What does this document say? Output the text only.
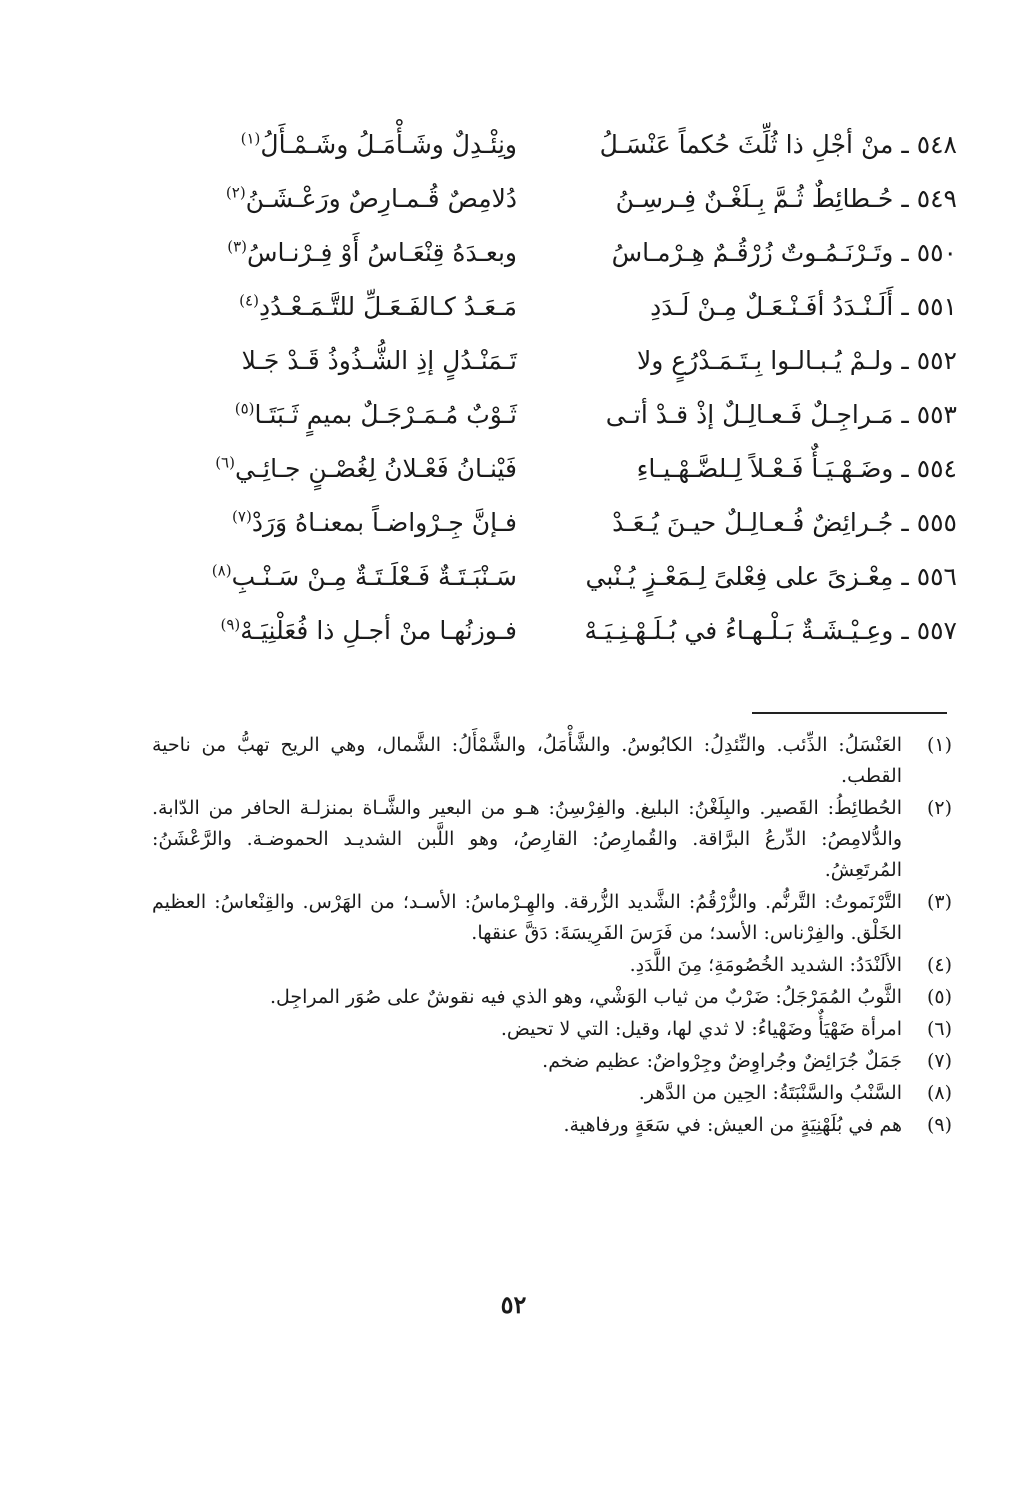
٥٤٨ـمنْ أجْلِ ذا ثُلِّثَ حُكماً عَنْسَـلُ
ونِئْـدِلٌ وشَـأْمَـلُ وشَـمْـأَلُ$^{(١)}$
٥٤٩ـحُـطائِطٌ ثُـمَّ بِـلَغْـنٌ فِـرسِـنُ
دُلامِصٌ قُـمـارِصٌ ورَعْـشَـنُ$^{(٢)}$
٥٥٠ـوتَـرْنَـمُـوتٌ زُرْقُـمٌ هِـرْمـاسُ
وبعـدَهُ قِنْعَـاسُ أَوْ فِـرْنـاسُ$^{(٣)}$
٥٥١ـأَلَـنْـدَدُ أفَـنْـعَـلٌ مِـنْ لَـدَدِ
مَـعَـدُ كـالفَـعَـلِّ للتَّـمَـعْـدُدِ$^{(٤)}$
٥٥٢ـولـمْ يُـبـالـوا بِـتَـمَـدْرُعٍ ولا
تَـمَنْـدُلٍ إذِ الشُّـذُوذُ قَـدْ جَـلا
٥٥٣ـمَـراجِـلٌ فَـعـالِـلٌ إذْ قـدْ أتـى
ثَـوْبٌ مُـمَـرْجَـلٌ بميمٍ ثَـبَتَـا$^{(٥)}$
٥٥٤ـوضَـهْـيَـأٌ فَـعْـلاً لِـلضَّـهْـيـاءِ
فَيْنـانُ فَعْـلانُ لِغُصْـنٍ جـائِـي$^{(٦)}$
٥٥٥ـجُـرائِضٌ فُـعـالِـلٌ حيـنَ يُـعَـدْ
فـإنَّ جِـرْواضـاً بمعنـاهُ وَرَدْ$^{(٧)}$
٥٥٦ـمِعْـزىً على فِعْلىً لِـمَعْـزٍ يُـنْبي
سَـنْبَـتَـةٌ فَـعْلَـتَـةٌ مِـنْ سَـنْـبِ$^{(٨)}$
٥٥٧ـوعِـيْـشَـةٌ بَـلْـهـاءُ في بُـلَـهْـنِـيَـهْ
فـوزنُهـا منْ أجـلِ ذا فُعَلْنِيَـهْ$^{(٩)}$
(١)
العَنْسَلُ: الذِّئب. والنِّئدِلُ: الكابُوسُ. والشَّأْمَلُ، والشَّمْأَلُ: الشَّمال، وهي الريح تهبُّ من ناحية القطب.
(٢)
الحُطائِطُ: القَصير. والبِلَغْنُ: البليغ. والفِرْسِنُ: هـو من البعير والشَّـاة بمنزلـة الحافر من الدّابة. والدُّلامِصُ: الدِّرعُ البرَّاقة. والقُمارِصُ: القارِصُ، وهو اللَّبن الشديـد الحموضـة. والرَّعْشَنُ: المُرتَعِشُ.
(٣)
التَّرْنَموتُ: التَّرنُّم. والزُّرْقُمُ: الشَّديد الزُّرقة. والهِـرْماسُ: الأسـد؛ من الهَرْس. والقِنْعاسُ: العظيم الخَلْق. والفِرْناس: الأسد؛ من فَرَسَ الفَرِيسَةَ: دَقَّ عنقها.
(٤)
الألَنْدَدُ: الشديد الخُصُومَةِ؛ مِنَ اللَّدَدِ.
(٥)
الثَّوبُ المُمَرْجَلُ: ضَرْبٌ من ثياب الوَشْي، وهو الذي فيه نقوشٌ على صُوَر المراجِل.
(٦)
امرأة ضَهْيَأٌ وضَهْياءُ: لا ثدي لها، وقيل: التي لا تحيض.
(٧)
جَمَلٌ جُرَائِضٌ وجُراوِضٌ وجِرْواضٌ: عظيم ضخم.
(٨)
السَّنْبُ والسَّنْبَتَةُ: الحِين من الدَّهر.
(٩)
هم في بُلَهْنِيَةٍ من العيش: في سَعَةٍ ورفاهية.
٥٢
